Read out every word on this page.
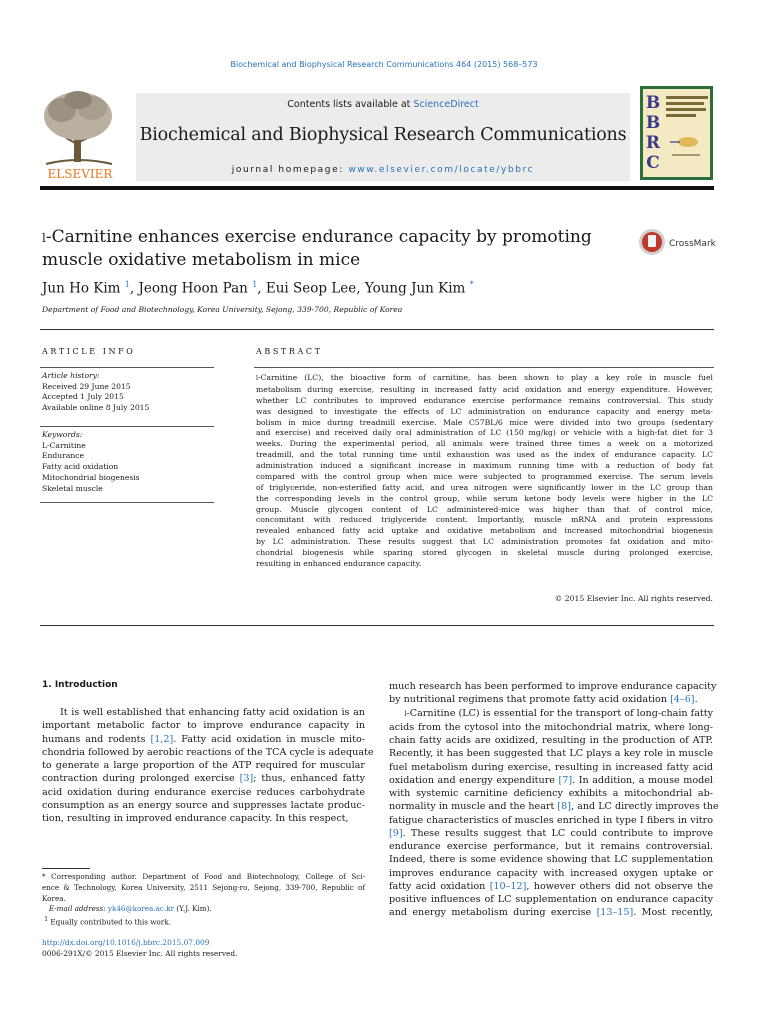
Biochemical and Biophysical Research Communications 464 (2015) 568–573
ELSEVIER
Contents lists available at ScienceDirect
Biochemical and Biophysical Research Communications
journal homepage: www.elsevier.com/locate/ybbrc
B
B
R
C
l-Carnitine enhances exercise endurance capacity by promoting
muscle oxidative metabolism in mice
CrossMark
Jun Ho Kim $^1$, Jeong Hoon Pan $^1$, Eui Seop Lee, Young Jun Kim *
Department of Food and Biotechnology, Korea University, Sejong, 339-700, Republic of Korea
ARTICLE INFO	ABSTRACT
Article history:
Received 29 June 2015
Accepted 1 July 2015
Available online 8 July 2015
Keywords:
L-Carnitine
Endurance
Fatty acid oxidation
Mitochondrial biogenesis
Skeletal muscle
l-Carnitine (LC), the bioactive form of carnitine, has been shown to play a key role in muscle fuel
metabolism during exercise, resulting in increased fatty acid oxidation and energy expenditure. However,
whether LC contributes to improved endurance exercise performance remains controversial. This study
was designed to investigate the effects of LC administration on endurance capacity and energy meta-
bolism in mice during treadmill exercise. Male C57BL/6 mice were divided into two groups (sedentary
and exercise) and received daily oral administration of LC (150 mg/kg) or vehicle with a high-fat diet for 3
weeks. During the experimental period, all animals were trained three times a week on a motorized
treadmill, and the total running time until exhaustion was used as the index of endurance capacity. LC
administration induced a significant increase in maximum running time with a reduction of body fat
compared with the control group when mice were subjected to programmed exercise. The serum levels
of triglyceride, non-esterified fatty acid, and urea nitrogen were significantly lower in the LC group than
the corresponding levels in the control group, while serum ketone body levels were higher in the LC
group. Muscle glycogen content of LC administered-mice was higher than that of control mice,
concomitant with reduced triglyceride content. Importantly, muscle mRNA and protein expressions
revealed enhanced fatty acid uptake and oxidative metabolism and increased mitochondrial biogenesis
by LC administration. These results suggest that LC administration promotes fat oxidation and mito-
chondrial biogenesis while sparing stored glycogen in skeletal muscle during prolonged exercise,
resulting in enhanced endurance capacity.
© 2015 Elsevier Inc. All rights reserved.
1. Introduction
It is well established that enhancing fatty acid oxidation is an
important metabolic factor to improve endurance capacity in
humans and rodents [1,2]. Fatty acid oxidation in muscle mito-
chondria followed by aerobic reactions of the TCA cycle is adequate
to generate a large proportion of the ATP required for muscular
contraction during prolonged exercise [3]; thus, enhanced fatty
acid oxidation during endurance exercise reduces carbohydrate
consumption as an energy source and suppresses lactate produc-
tion, resulting in improved endurance capacity. In this respect,
much research has been performed to improve endurance capacity
by nutritional regimens that promote fatty acid oxidation [4–6].
l-Carnitine (LC) is essential for the transport of long-chain fatty
acids from the cytosol into the mitochondrial matrix, where long-
chain fatty acids are oxidized, resulting in the production of ATP.
Recently, it has been suggested that LC plays a key role in muscle
fuel metabolism during exercise, resulting in increased fatty acid
oxidation and energy expenditure [7]. In addition, a mouse model
with systemic carnitine deficiency exhibits a mitochondrial ab-
normality in muscle and the heart [8], and LC directly improves the
fatigue characteristics of muscles enriched in type I fibers in vitro
[9]. These results suggest that LC could contribute to improve
endurance exercise performance, but it remains controversial.
Indeed, there is some evidence showing that LC supplementation
improves endurance capacity with increased oxygen uptake or
fatty acid oxidation [10–12], however others did not observe the
positive influences of LC supplementation on endurance capacity
and energy metabolism during exercise [13–15]. Most recently,
* Corresponding author. Department of Food and Biotechnology, College of Sci-
ence & Technology, Korea University, 2511 Sejong-ro, Sejong, 339-700, Republic of
Korea.
E-mail address: yk46@korea.ac.kr (Y.J. Kim).
$^1$ Equally contributed to this work.
http://dx.doi.org/10.1016/j.bbrc.2015.07.009
0006-291X/© 2015 Elsevier Inc. All rights reserved.
